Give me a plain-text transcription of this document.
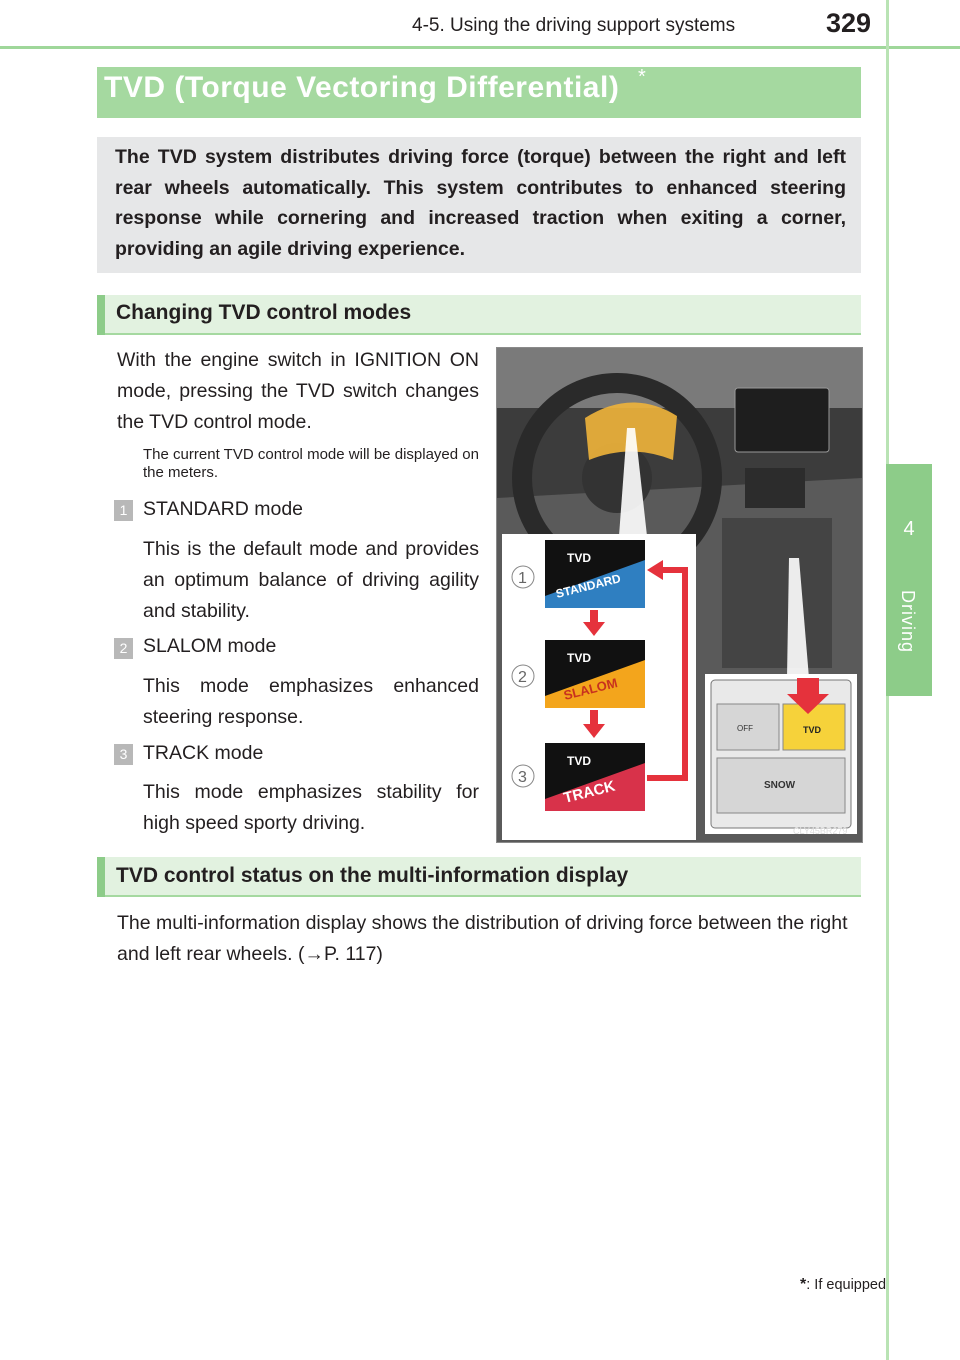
4-5. Using the driving support systems	329
4
Driving
TVD (Torque Vectoring Differential) *
The TVD system distributes driving force (torque) between the right and left rear wheels automatically. This system contributes to enhanced steering response while cornering and increased traction when exiting a corner, providing an agile driving experience.
Changing TVD control modes
With the engine switch in IGNITION ON mode, pressing the TVD switch changes the TVD control mode.
The current TVD control mode will be displayed on the meters.
1 STANDARD mode
This is the default mode and provides an optimum balance of driving agility and stability.
2 SLALOM mode
This mode emphasizes enhanced steering response.
3 TRACK mode
This mode emphasizes stability for high speed sporty driving.
TVD
STANDARD
TVD
SLALOM
TVD
TRACK
1
2
3
OFF	TVD
SNOW
CLY45BR279
TVD control status on the multi-information display
The multi-information display shows the distribution of driving force between the right and left rear wheels. (→P. 117)
*: If equipped
